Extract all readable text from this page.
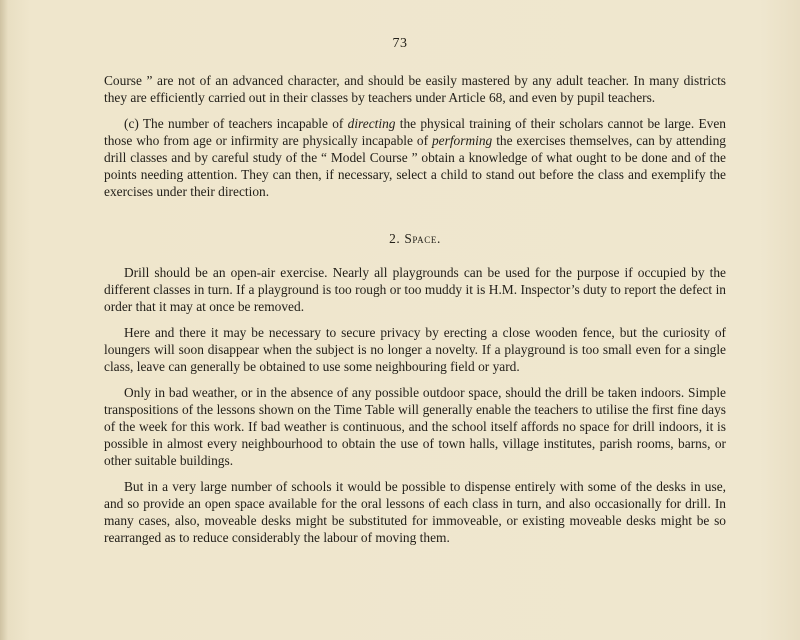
73

Course ” are not of an advanced character, and should be easily mastered by any adult teacher. In many districts they are efficiently carried out in their classes by teachers under Article 68, and even by pupil teachers.

(c) The number of teachers incapable of directing the physical training of their scholars cannot be large. Even those who from age or infirmity are physically incapable of performing the exercises themselves, can by attending drill classes and by careful study of the “ Model Course ” obtain a knowledge of what ought to be done and of the points needing attention. They can then, if necessary, select a child to stand out before the class and exemplify the exercises under their direction.

2. Space.

Drill should be an open-air exercise. Nearly all playgrounds can be used for the purpose if occupied by the different classes in turn. If a playground is too rough or too muddy it is H.M. Inspector’s duty to report the defect in order that it may at once be removed.

Here and there it may be necessary to secure privacy by erecting a close wooden fence, but the curiosity of loungers will soon disappear when the subject is no longer a novelty. If a playground is too small even for a single class, leave can generally be obtained to use some neighbouring field or yard.

Only in bad weather, or in the absence of any possible outdoor space, should the drill be taken indoors. Simple transpositions of the lessons shown on the Time Table will generally enable the teachers to utilise the first fine days of the week for this work. If bad weather is continuous, and the school itself affords no space for drill indoors, it is possible in almost every neighbourhood to obtain the use of town halls, village institutes, parish rooms, barns, or other suitable buildings.

But in a very large number of schools it would be possible to dispense entirely with some of the desks in use, and so provide an open space available for the oral lessons of each class in turn, and also occasionally for drill. In many cases, also, moveable desks might be substituted for immoveable, or existing moveable desks might be so rearranged as to reduce considerably the labour of moving them.
